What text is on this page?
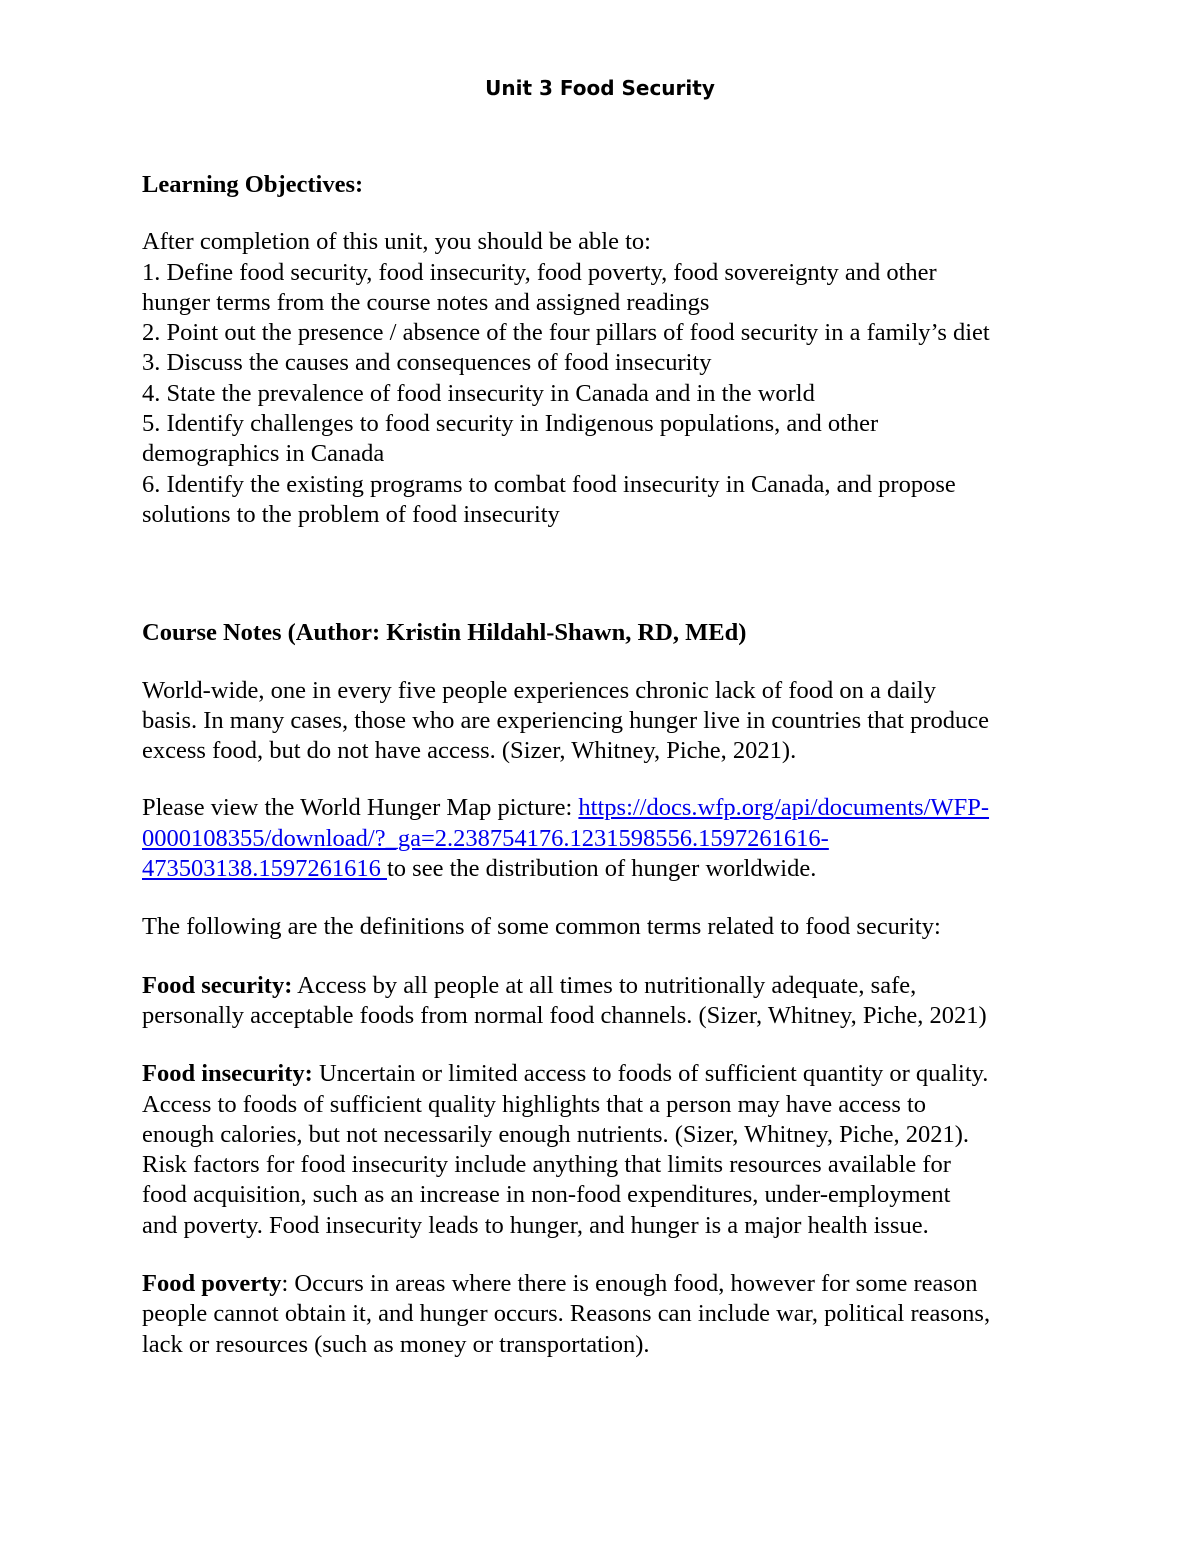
Unit 3 Food Security

Learning Objectives:

After completion of this unit, you should be able to:

1. Define food security, food insecurity, food poverty, food sovereignty and other

hunger terms from the course notes and assigned readings

2. Point out the presence / absence of the four pillars of food security in a family’s diet

3. Discuss the causes and consequences of food insecurity

4. State the prevalence of food insecurity in Canada and in the world

5. Identify challenges to food security in Indigenous populations, and other

demographics in Canada

6. Identify the existing programs to combat food insecurity in Canada, and propose

solutions to the problem of food insecurity

Course Notes (Author: Kristin Hildahl-Shawn, RD, MEd)

World-wide, one in every five people experiences chronic lack of food on a daily

basis. In many cases, those who are experiencing hunger live in countries that produce

excess food, but do not have access. (Sizer, Whitney, Piche, 2021).

Please view the World Hunger Map picture: https://docs.wfp.org/api/documents/WFP-

0000108355/download/?_ga=2.238754176.1231598556.1597261616-

473503138.1597261616 to see the distribution of hunger worldwide.

The following are the definitions of some common terms related to food security:

Food security: Access by all people at all times to nutritionally adequate, safe,

personally acceptable foods from normal food channels. (Sizer, Whitney, Piche, 2021)

Food insecurity: Uncertain or limited access to foods of sufficient quantity or quality.

Access to foods of sufficient quality highlights that a person may have access to

enough calories, but not necessarily enough nutrients. (Sizer, Whitney, Piche, 2021).

Risk factors for food insecurity include anything that limits resources available for

food acquisition, such as an increase in non-food expenditures, under-employment

and poverty. Food insecurity leads to hunger, and hunger is a major health issue.

Food poverty: Occurs in areas where there is enough food, however for some reason

people cannot obtain it, and hunger occurs. Reasons can include war, political reasons,

lack or resources (such as money or transportation).
